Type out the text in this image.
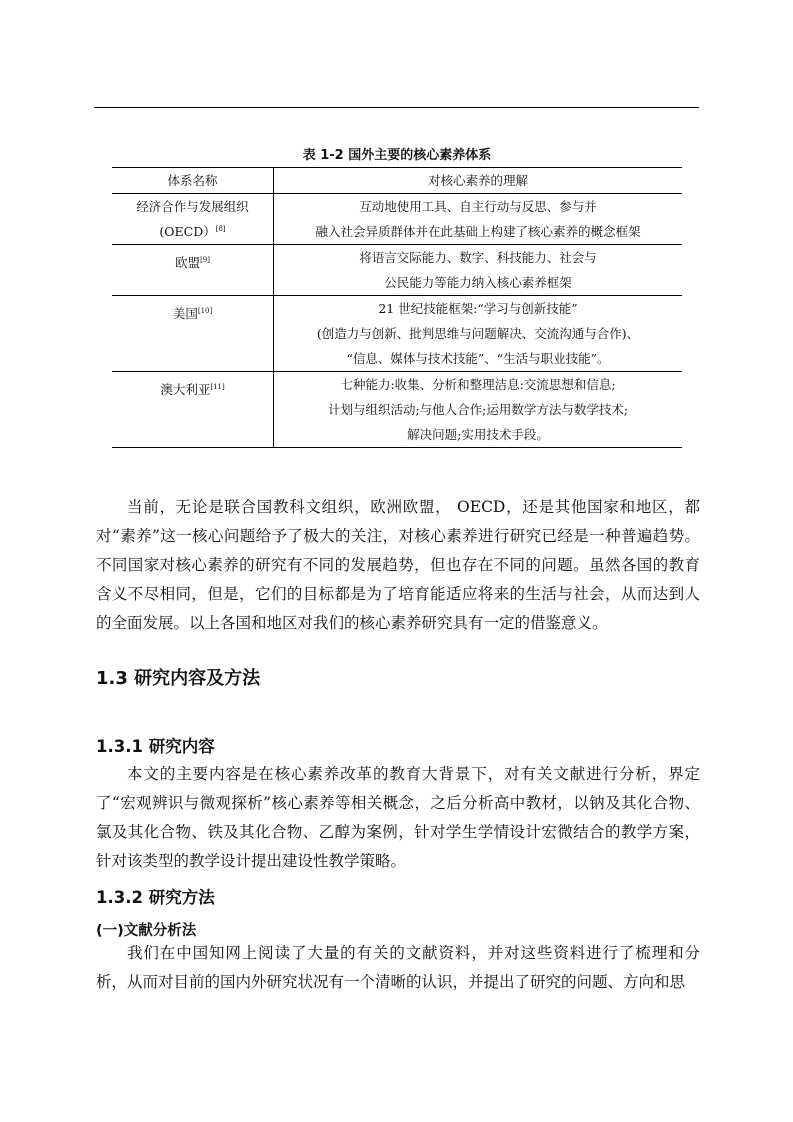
表 1-2 国外主要的核心素养体系
体系名称	对核心素养的理解
经济合作与发展组织
(OECD）[8]	互动地使用工具、自主行动与反思、参与并
融入社会异质群体并在此基础上构建了核心素养的概念框架
欧盟[9]	将语言交际能力、数字、科技能力、社会与
公民能力等能力纳入核心素养框架
美国[10]	21 世纪技能框架:“学习与创新技能”
(创造力与创新、批判思维与问题解决、交流沟通与合作)、
“信息、媒体与技术技能”、“生活与职业技能”。
澳大利亚[11]	七种能力:收集、分析和整理洁息:交流思想和信息;
计划与组织活动;与他人合作;运用数学方法与数学技术;
解决问题;实用技术手段。

当前，无论是联合国教科文组织，欧洲欧盟， OECD，还是其他国家和地区，都对“素养”这一核心问题给予了极大的关注，对核心素养进行研究已经是一种普遍趋势。不同国家对核心素养的研究有不同的发展趋势，但也存在不同的问题。虽然各国的教育含义不尽相同，但是，它们的目标都是为了培育能适应将来的生活与社会，从而达到人的全面发展。以上各国和地区对我们的核心素养研究具有一定的借鉴意义。

1.3 研究内容及方法
1.3.1 研究内容

本文的主要内容是在核心素养改革的教育大背景下，对有关文献进行分析，界定了“宏观辨识与微观探析”核心素养等相关概念，之后分析高中教材，以钠及其化合物、氯及其化合物、铁及其化合物、乙醇为案例，针对学生学情设计宏微结合的教学方案，针对该类型的教学设计提出建设性教学策略。

1.3.2 研究方法
(一)文献分析法

我们在中国知网上阅读了大量的有关的文献资料，并对这些资料进行了梳理和分析，从而对目前的国内外研究状况有一个清晰的认识，并提出了研究的问题、方向和思
